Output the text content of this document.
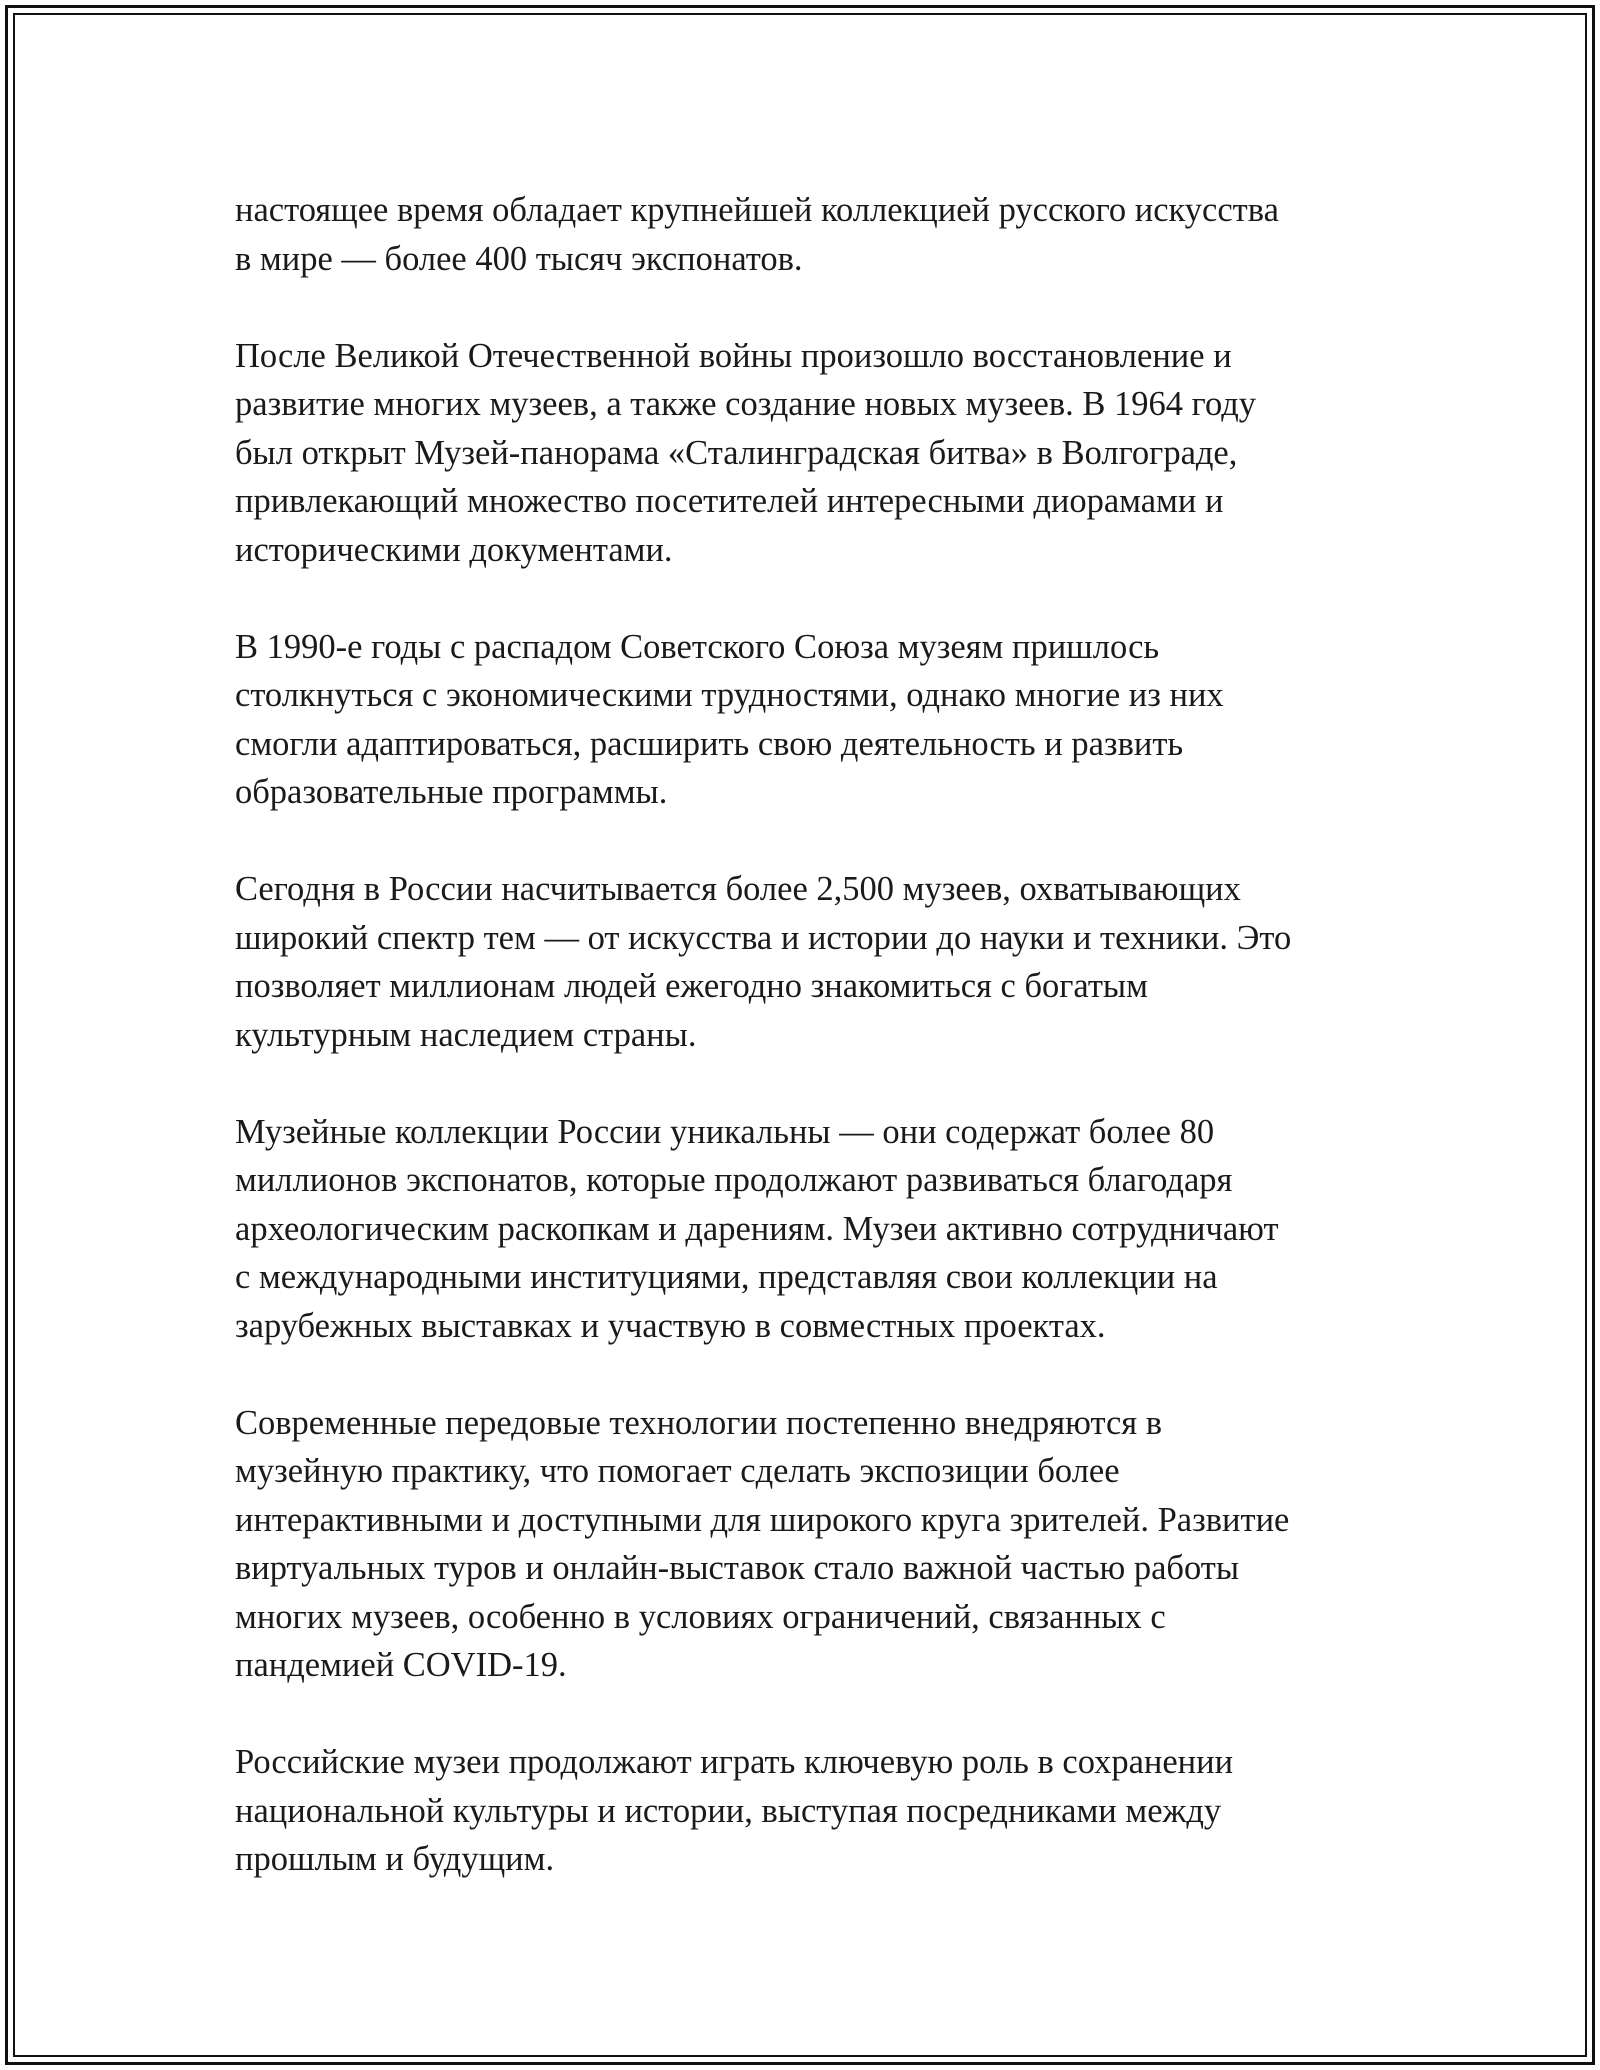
настоящее время обладает крупнейшей коллекцией русского искусства
в мире — более 400 тысяч экспонатов.

После Великой Отечественной войны произошло восстановление и
развитие многих музеев, а также создание новых музеев. В 1964 году
был открыт Музей-панорама «Сталинградская битва» в Волгограде,
привлекающий множество посетителей интересными диорамами и
историческими документами.

В 1990-е годы с распадом Советского Союза музеям пришлось
столкнуться с экономическими трудностями, однако многие из них
смогли адаптироваться, расширить свою деятельность и развить
образовательные программы.

Сегодня в России насчитывается более 2,500 музеев, охватывающих
широкий спектр тем — от искусства и истории до науки и техники. Это
позволяет миллионам людей ежегодно знакомиться с богатым
культурным наследием страны.

Музейные коллекции России уникальны — они содержат более 80
миллионов экспонатов, которые продолжают развиваться благодаря
археологическим раскопкам и дарениям. Музеи активно сотрудничают
с международными институциями, представляя свои коллекции на
зарубежных выставках и участвую в совместных проектах.

Современные передовые технологии постепенно внедряются в
музейную практику, что помогает сделать экспозиции более
интерактивными и доступными для широкого круга зрителей. Развитие
виртуальных туров и онлайн-выставок стало важной частью работы
многих музеев, особенно в условиях ограничений, связанных с
пандемией COVID-19.

Российские музеи продолжают играть ключевую роль в сохранении
национальной культуры и истории, выступая посредниками между
прошлым и будущим.
